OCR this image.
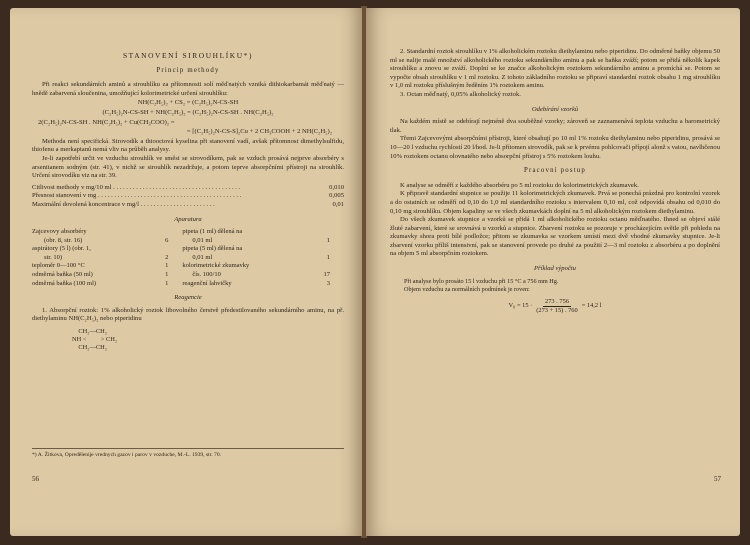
STANOVENÍ SIROUHLÍKU*)
Princip methody

Při reakci sekundárních aminů a sirouhlíku za přítomnosti solí měďnatých vzniká dithiokarbamát měďnatý — hnědě zabarvená sloučenina, umožňující kolorimetrické určení sirouhlíku:

NH(C₂H₅)₂ + CS₂ = (C₂H₅)₂N-CS-SH
(C₂H₅)₂N-CS-SH + NH(C₂H₅)₂ = (C₂H₅)₂N-CS-SH . NH(C₂H₅)₂
2(C₂H₅)₂N-CS-SH . NH(C₂H₅)₂ + Cu(CH₃COO)₂ =
= [(C₂H₅)₂N-CS-S]₂Cu + 2 CH₃COOH + 2 NH(C₂H₅)₂

Methoda není specifická. Sirovodík a thiooctová kyselina při stanovení vadí, avšak přítomnost dimethylsulfidu, thiofenu a merkaptanů nemá vliv na průběh analysy.

Je-li zapotřebí určit ve vzduchu sirouhlík ve směsi se sirovodíkem, pak se vzduch prosává nejprve absorbéry s arsenitanem sodným (str. 41), v nichž se sirouhlík nezadržuje, a potom teprve absorpčními přístroji na sirouhlík. Určení sirovodíku viz na str. 39.

Citlivost methody v mg/10 ml . . . . . . . . . . . . . . . . . . . . . . . . . . . . . . . . . . . . . . .	0,010
Přesnost stanovení v mg . . . . . . . . . . . . . . . . . . . . . . . . . . . . . . . . . . . . . . . . . . . .	0,005
Maximální dovolená koncentrace v mg/l . . . . . . . . . . . . . . . . . . . . . . .	0,01
Aparatura
Zajcevovy absorbéry		pipeta (1 ml) dělená na	
(obr. 8, str. 16)	6	0,01 ml	1
aspirátory (5 l) (obr. 1,		pipeta (5 ml) dělená na	
str. 10)	2	0,01 ml	1
teploměr 0—100 °C	1	kolorimetrické zkumavky	
odměrná baňka (50 ml)	1	čís. 100/10	17
odměrná baňka (100 ml)	1	reagenční lahvičky	3
Reagencie

1. Absorpční roztok: 1% alkoholický roztok libovolného čerstvě předestilovaného sekundárního aminu, na př. diethylaminu NH(C₂H₅)₂ nebo piperidinu

CH₂—CH₂
NH <         > CH₂
CH₂—CH₂
*) A. Žitkova, Opredělenije vrednych gazov i parov v vozduche, M.-L. 1939, str. 70.
56

2. Standardní roztok sirouhlíku v 1% alkoholickém roztoku diethylaminu nebo piperidinu. Do odměrné baňky objemu 50 ml se nalije malé množství alkoholického roztoku sekundárního aminu a pak se baňka zváží; potom se přidá několik kapek sirouhlíku a znovu se zváží. Doplní se ke značce alkoholickým roztokem sekundárního aminu a promíchá se. Potom se vypočte obsah sirouhlíku v 1 ml roztoku. Z tohoto základního roztoku se připraví standardní roztok obsahu 1 mg sirouhlíku v 1,0 ml roztoku příslušným ředěním 1% roztokem aminu.

3. Octan měďnatý, 0,05% alkoholický roztok.

Odebírání vzorků

Na každém místě se odebírají nejméně dva souběžné vzorky; zároveň se zaznamenává teplota vzduchu a barometrický tlak.

Třemi Zajcevovými absorpčními přístroji, které obsahují po 10 ml 1% roztoku diethylaminu nebo piperidinu, prosává se 10—20 l vzduchu rychlostí 20 l/hod. Je-li přítomen sirovodík, pak se k prvému pohlcovači přípojí alonž s vatou, navlhčenou 10% roztokem octanu olovnatého nebo absorpční přístroj s 5% roztokem louhu.

Pracovní postup

K analyse se odměří z každého absorbéru po 5 ml roztoku do kolorimetrických zkumavek.

K připravě standardní stupnice se použije 11 kolorimetrických zkumavek. Prvá se ponechá prázdná pro kontrolní vzorek a do ostatních se odměří od 0,10 do 1,0 ml standardního roztoku s intervalem 0,10 ml, což odpovídá obsahu od 0,010 do 0,10 mg sirouhlíku. Objem kapaliny se ve všech zkumavkách doplní na 5 ml alkoholickým roztokem diethylaminu.

Do všech zkumavek stupnice a vzorků se přidá 1 ml alkoholického roztoku octanu měďnatého. Ihned se objeví stálé žluté zabarvení, které se srovnává u vzorků a stupnice. Zbarvení roztoku se pozoruje v procházejícím světle při pohledu na zkumavky shora proti bílé podložce; přitom se zkumavka se vzorkem umístí mezi dvě vhodné zkumavky stupnice. Je-li zbarvení vzorku příliš intensivní, pak se stanovení provede po druhé za použití 2—3 ml roztoku z absorbéru a po doplnění na objem 5 ml absorpčním roztokem.

Příklad výpočtu
Při analyse bylo prosáto 15 l vzduchu při 15 °C a 756 mm Hg.
Objem vzduchu za normálních podmínek je roven:
$V_0 = 15 \cdot \frac{273 . 756}{(273 + 15) . 760} = 14,2$ l
57
